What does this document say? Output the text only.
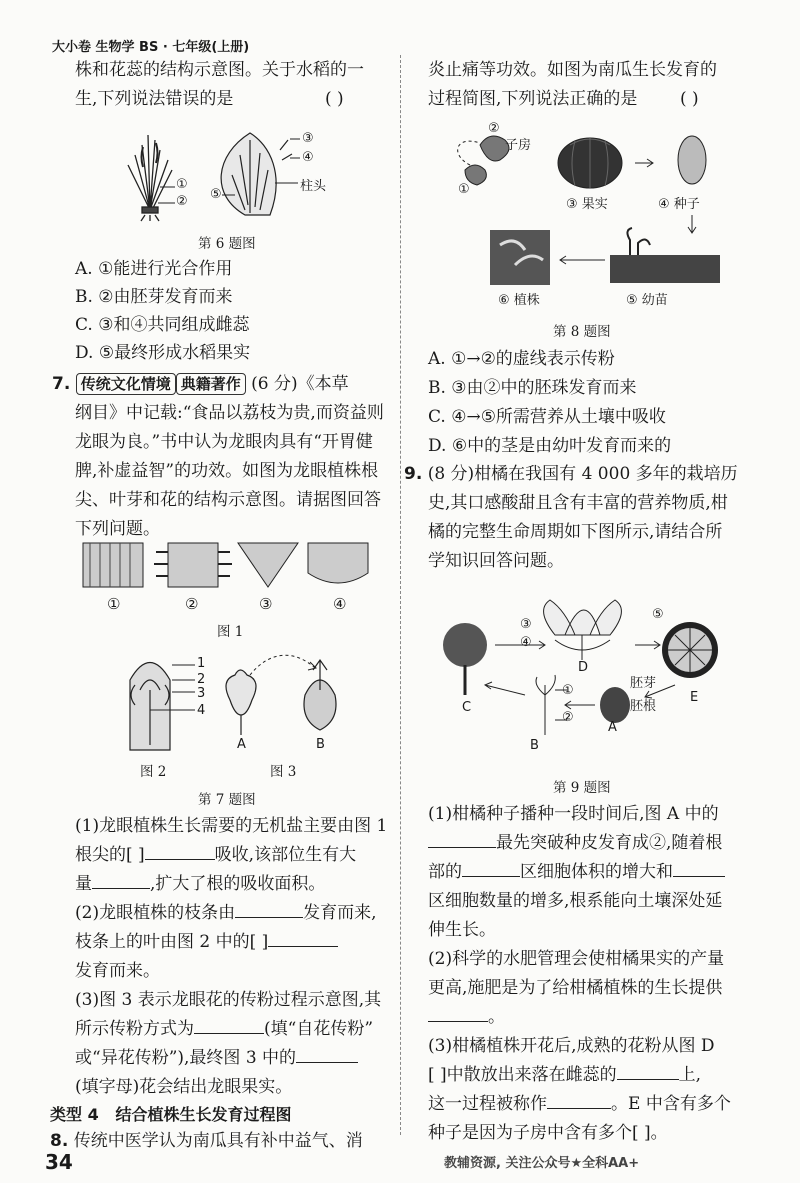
大小卷 生物学 BS · 七年级(上册)
株和花蕊的结构示意图。关于水稻的一
生,下列说法错误的是	( )
①
②
③
④
⑤
柱头
第 6 题图
A. ①能进行光合作用
B. ②由胚芽发育而来
C. ③和④共同组成雌蕊
D. ⑤最终形成水稻果实
7. 传统文化情境 典籍著作 (6 分)《本草
纲目》中记载:“食品以荔枝为贵,而资益则
龙眼为良。”书中认为龙眼肉具有“开胃健
脾,补虚益智”的功效。如图为龙眼植株根
尖、叶芽和花的结构示意图。请据图回答
下列问题。
①	②	③	④
图 1
1
2
3
4
A	B
图 2	图 3
第 7 题图
(1)龙眼植株生长需要的无机盐主要由图 1
根尖的[ ]	吸收,该部位生有大
量	,扩大了根的吸收面积。
(2)龙眼植株的枝条由	发育而来,
枝条上的叶由图 2 中的[ ]
发育而来。
(3)图 3 表示龙眼花的传粉过程示意图,其
所示传粉方式为	(填“自花传粉”
或“异花传粉”),最终图 3 中的
(填字母)花会结出龙眼果实。
类型 4 结合植株生长发育过程图
8. 传统中医学认为南瓜具有补中益气、消
34
炎止痛等功效。如图为南瓜生长发育的
过程简图,下列说法正确的是	( )
②
子房
①
③ 果实	④ 种子
⑤ 幼苗
⑥ 植株
第 8 题图
A. ①→②的虚线表示传粉
B. ③由②中的胚珠发育而来
C. ④→⑤所需营养从土壤中吸收
D. ⑥中的茎是由幼叶发育而来的
9. (8 分)柑橘在我国有 4 000 多年的栽培历
史,其口感酸甜且含有丰富的营养物质,柑
橘的完整生命周期如下图所示,请结合所
学知识回答问题。
③
④
⑤
D
E
C
①
②
B
A
胚芽
胚根
第 9 题图
(1)柑橘种子播种一段时间后,图 A 中的
最先突破种皮发育成②,随着根
部的	区细胞体积的增大和
区细胞数量的增多,根系能向土壤深处延
伸生长。
(2)科学的水肥管理会使柑橘果实的产量
更高,施肥是为了给柑橘植株的生长提供
。
(3)柑橘植株开花后,成熟的花粉从图 D
[ ]中散放出来落在雌蕊的	上,
这一过程被称作	。E 中含有多个
种子是因为子房中含有多个[ ]。
教辅资源, 关注公众号★全科AA+
